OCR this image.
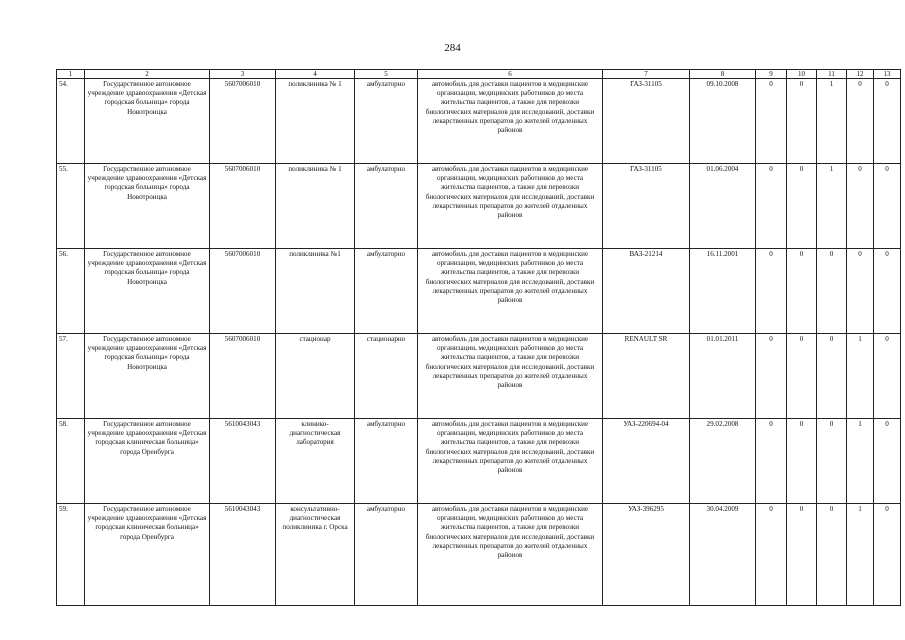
284
1	2	3	4	5	6	7	8	9	10	11	12	13
54.	Государственное автономное учреждение здравоохранения «Детская городская больница» города Новотроицка	5607006010	поликлиника № 1	амбулаторно	автомобиль для доставки пациентов в медицинские организации, медицинских работников до места жительства пациентов, а также для перевозки биологических материалов для исследований, доставки лекарственных препаратов до жителей отдаленных районов	ГАЗ-31105	09.10.2008	0	0	1	0	0
55.	Государственное автономное учреждение здравоохранения «Детская городская больница» города Новотроицка	5607006010	поликлиника № 1	амбулаторно	автомобиль для доставки пациентов в медицинские организации, медицинских работников до места жительства пациентов, а также для перевозки биологических материалов для исследований, доставки лекарственных препаратов до жителей отдаленных районов	ГАЗ-31105	01.06.2004	0	0	1	0	0
56.	Государственное автономное учреждение здравоохранения «Детская городская больница» города Новотроицка	5607006010	поликлиника №1	амбулаторно	автомобиль для доставки пациентов в медицинские организации, медицинских работников до места жительства пациентов, а также для перевозки биологических материалов для исследований, доставки лекарственных препаратов до жителей отдаленных районов	ВАЗ-21214	16.11.2001	0	0	0	0	0
57.	Государственное автономное учреждение здравоохранения «Детская городская больница» города Новотроицка	5607006010	стационар	стационарно	автомобиль для доставки пациентов в медицинские организации, медицинских работников до места жительства пациентов, а также для перевозки биологических материалов для исследований, доставки лекарственных препаратов до жителей отдаленных районов	RENAULT SR	01.01.2011	0	0	0	1	0
58.	Государственное автономное учреждение здравоохранения «Детская городская клиническая больница» города Оренбурга	5610043043	клинико-диагностическая лаборатория	амбулаторно	автомобиль для доставки пациентов в медицинские организации, медицинских работников до места жительства пациентов, а также для перевозки биологических материалов для исследований, доставки лекарственных препаратов до жителей отдаленных районов	УАЗ-220694-04	29.02.2008	0	0	0	1	0
59.	Государственное автономное учреждение здравоохранения «Детская городская клиническая больница» города Оренбурга	5610043043	консультативно-диагностическая поликлиника г. Орска	амбулаторно	автомобиль для доставки пациентов в медицинские организации, медицинских работников до места жительства пациентов, а также для перевозки биологических материалов для исследований, доставки лекарственных препаратов до жителей отдаленных районов	УАЗ-396295	30.04.2009	0	0	0	1	0
